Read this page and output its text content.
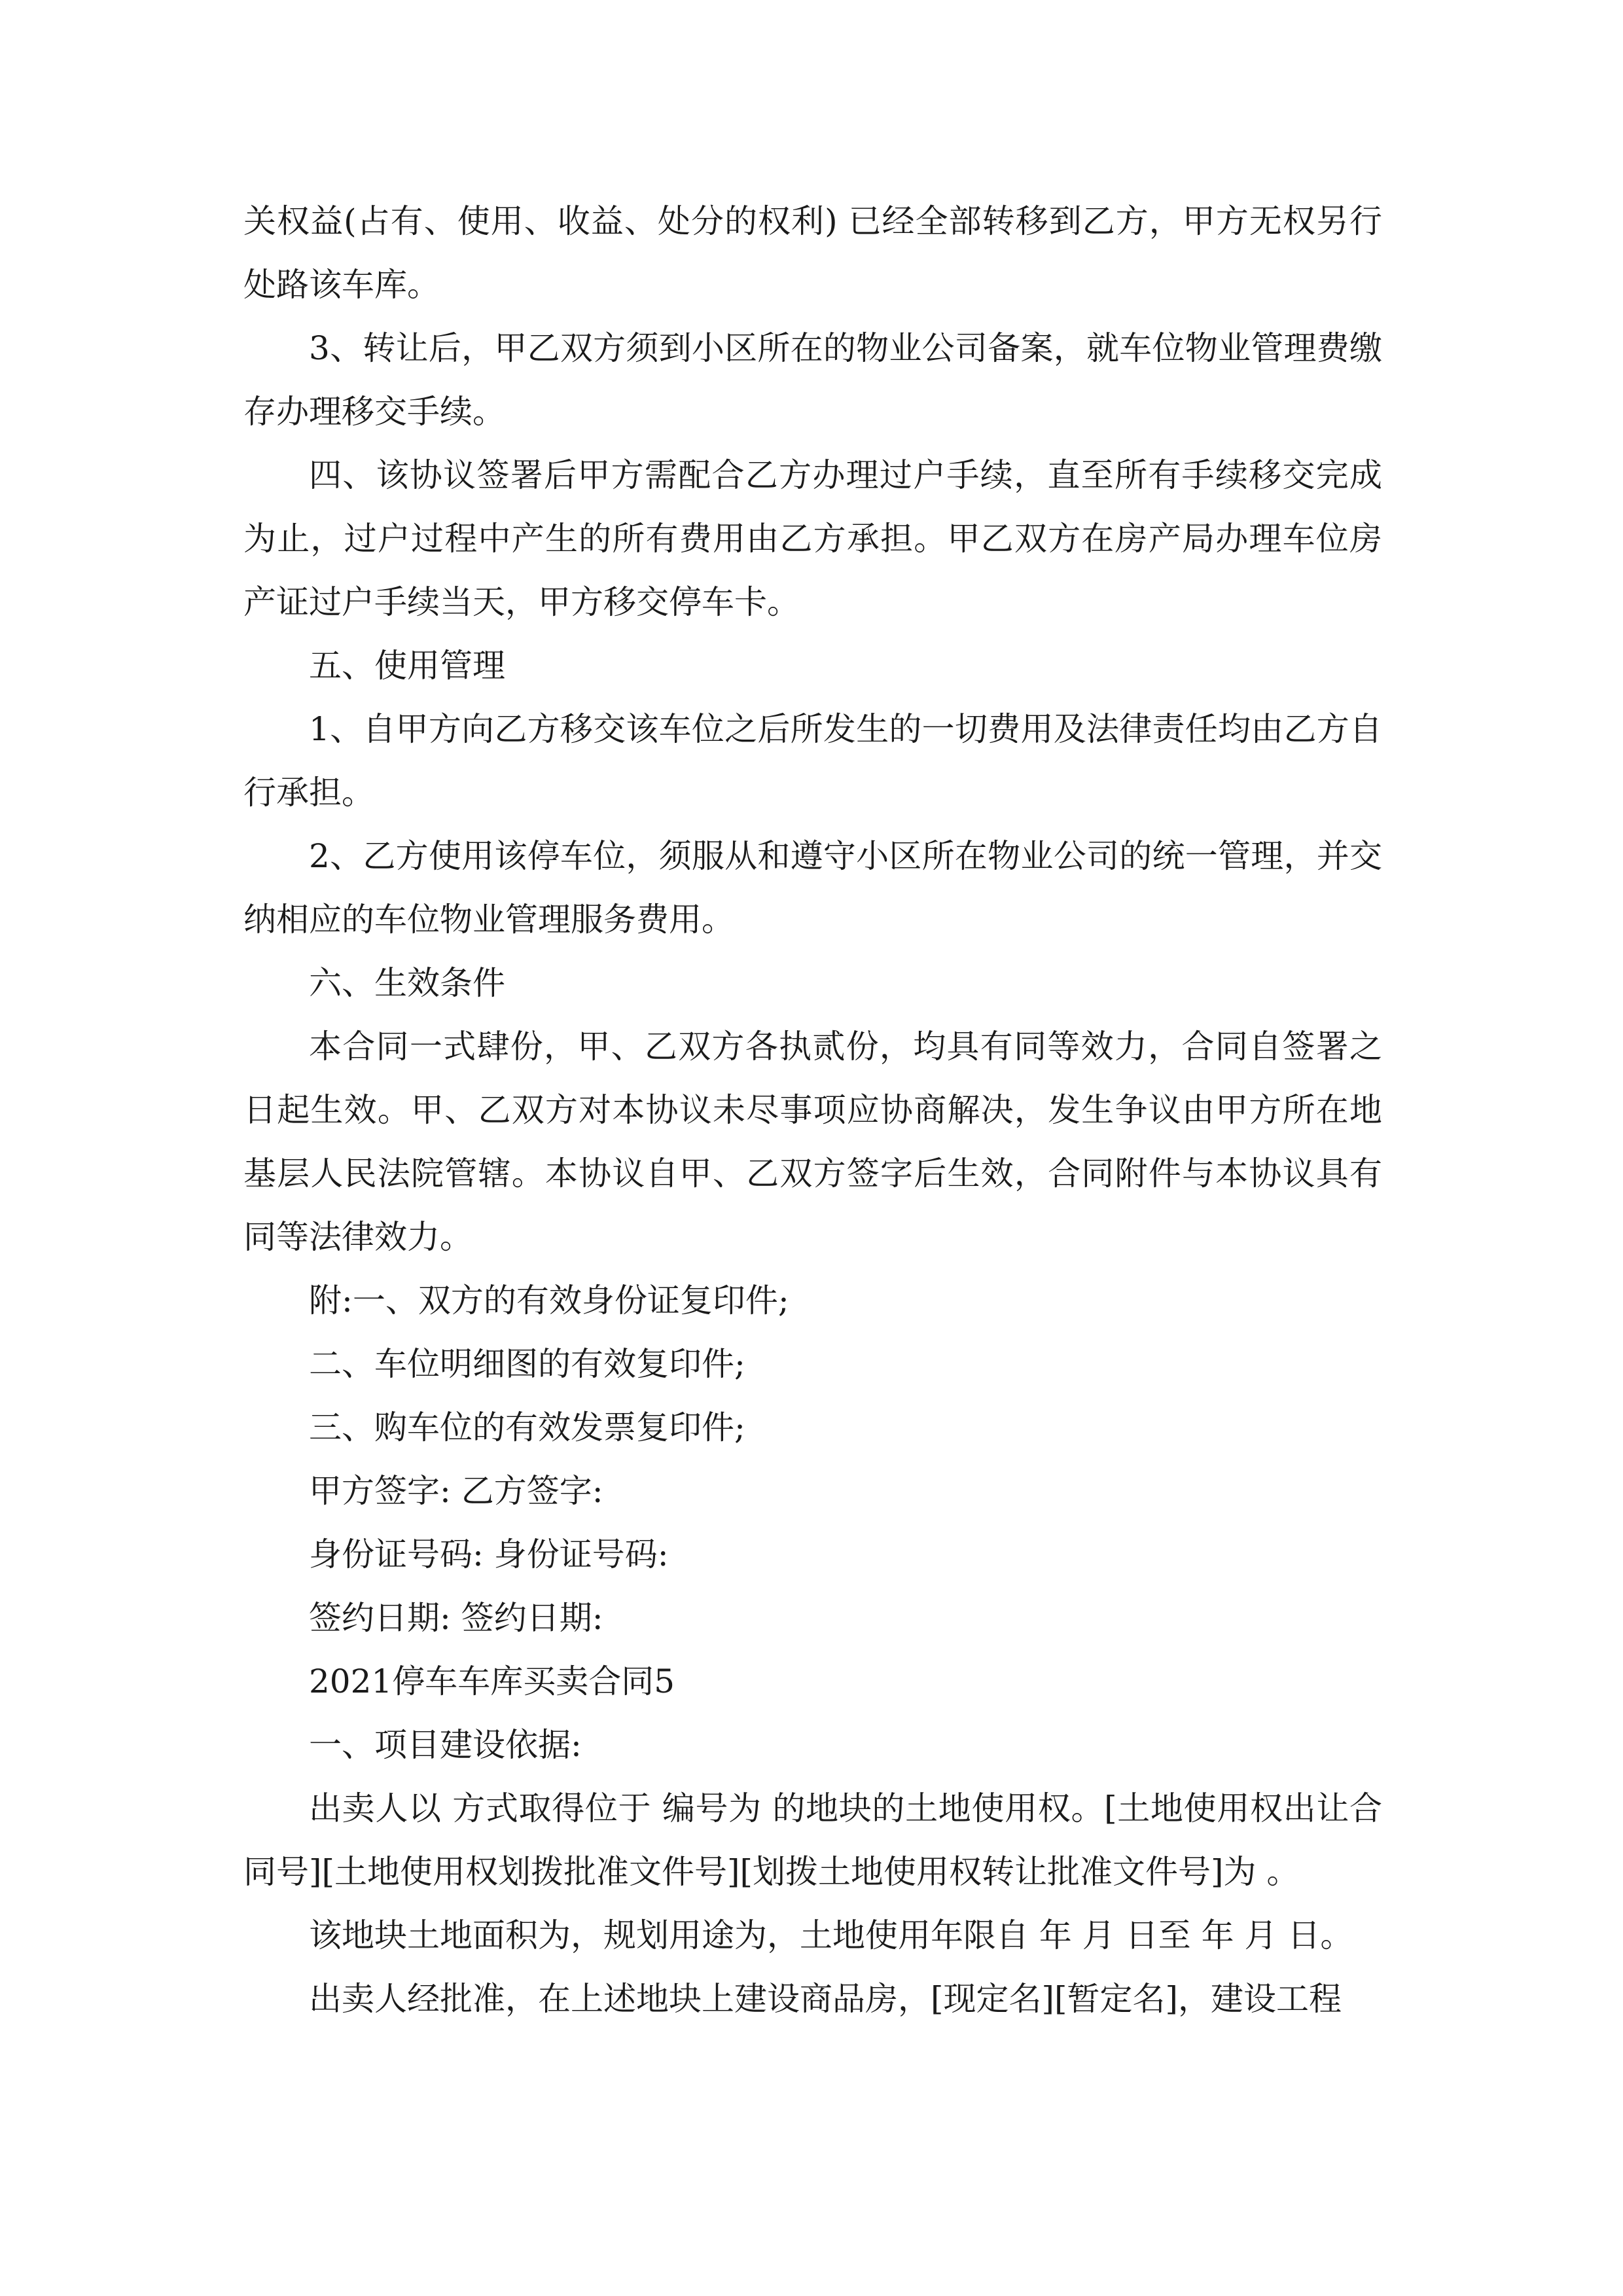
关权益(占有、使用、收益、处分的权利) 已经全部转移到乙方，甲方无权另行处路该车库。

3、转让后，甲乙双方须到小区所在的物业公司备案，就车位物业管理费缴存办理移交手续。

四、该协议签署后甲方需配合乙方办理过户手续，直至所有手续移交完成为止，过户过程中产生的所有费用由乙方承担。甲乙双方在房产局办理车位房产证过户手续当天，甲方移交停车卡。

五、使用管理

1、自甲方向乙方移交该车位之后所发生的一切费用及法律责任均由乙方自行承担。

2、乙方使用该停车位，须服从和遵守小区所在物业公司的统一管理，并交纳相应的车位物业管理服务费用。

六、生效条件

本合同一式肆份，甲、乙双方各执贰份，均具有同等效力，合同自签署之日起生效。甲、乙双方对本协议未尽事项应协商解决，发生争议由甲方所在地基层人民法院管辖。本协议自甲、乙双方签字后生效，合同附件与本协议具有同等法律效力。

附:一、双方的有效身份证复印件;

二、车位明细图的有效复印件;

三、购车位的有效发票复印件;

甲方签字: 乙方签字:

身份证号码: 身份证号码:

签约日期: 签约日期:

2021停车车库买卖合同5

一、项目建设依据:

出卖人以 方式取得位于 编号为 的地块的土地使用权。[土地使用权出让合同号][土地使用权划拨批准文件号][划拨土地使用权转让批准文件号]为 。

该地块土地面积为，规划用途为，土地使用年限自 年 月 日至 年 月 日。

出卖人经批准，在上述地块上建设商品房，[现定名][暂定名]，建设工程
